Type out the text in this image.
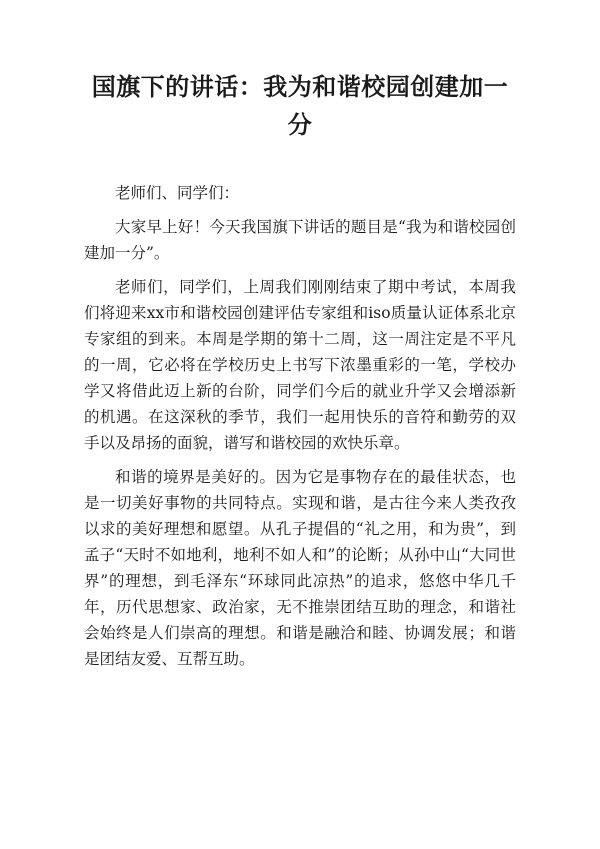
国旗下的讲话：我为和谐校园创建加一分

老师们、同学们：

大家早上好！今天我国旗下讲话的题目是“我为和谐校园创建加一分”。

老师们，同学们，上周我们刚刚结束了期中考试，本周我们将迎来xx市和谐校园创建评估专家组和iso质量认证体系北京专家组的到来。本周是学期的第十二周，这一周注定是不平凡的一周，它必将在学校历史上书写下浓墨重彩的一笔，学校办学又将借此迈上新的台阶，同学们今后的就业升学又会增添新的机遇。在这深秋的季节，我们一起用快乐的音符和勤劳的双手以及昂扬的面貌，谱写和谐校园的欢快乐章。

和谐的境界是美好的。因为它是事物存在的最佳状态，也是一切美好事物的共同特点。实现和谐，是古往今来人类孜孜以求的美好理想和愿望。从孔子提倡的“礼之用，和为贵”，到孟子“天时不如地利，地利不如人和”的论断；从孙中山“大同世界”的理想，到毛泽东“环球同此凉热”的追求，悠悠中华几千年，历代思想家、政治家，无不推崇团结互助的理念，和谐社会始终是人们崇高的理想。和谐是融洽和睦、协调发展；和谐是团结友爱、互帮互助。
